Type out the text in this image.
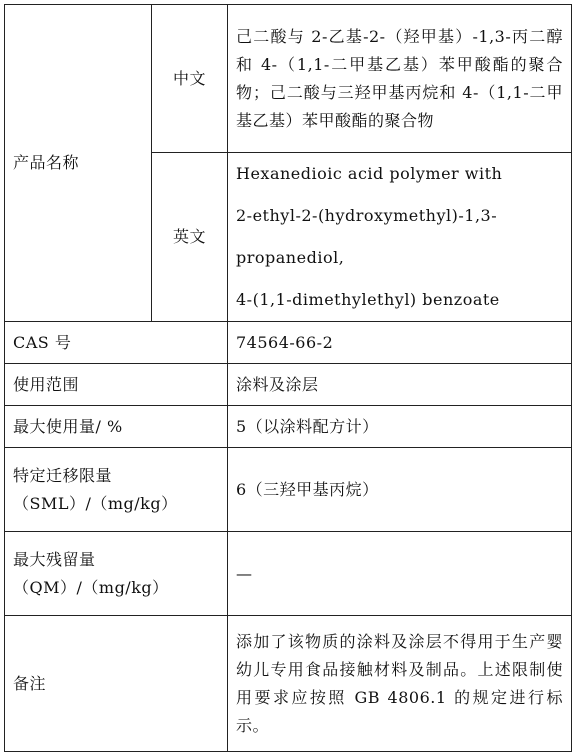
产品名称	中文	己二酸与 2-乙基-2-（羟甲基）-1,3-丙二醇和 4-（1,1-二甲基乙基）苯甲酸酯的聚合物；己二酸与三羟甲基丙烷和 4-（1,1-二甲基乙基）苯甲酸酯的聚合物
	英文	Hexanedioic acid polymer with
2-ethyl-2-(hydroxymethyl)-1,3-propanediol,
4-(1,1-dimethylethyl) benzoate

CAS 号		74564-66-2
使用范围		涂料及涂层
最大使用量/ %		5（以涂料配方计）

特定迁移限量
（SML）/（mg/kg）		6（三羟甲基丙烷）

最大残留量
（QM）/（mg/kg）		—
备注		添加了该物质的涂料及涂层不得用于生产婴幼儿专用食品接触材料及制品。上述限制使用要求应按照 GB 4806.1 的规定进行标示。
